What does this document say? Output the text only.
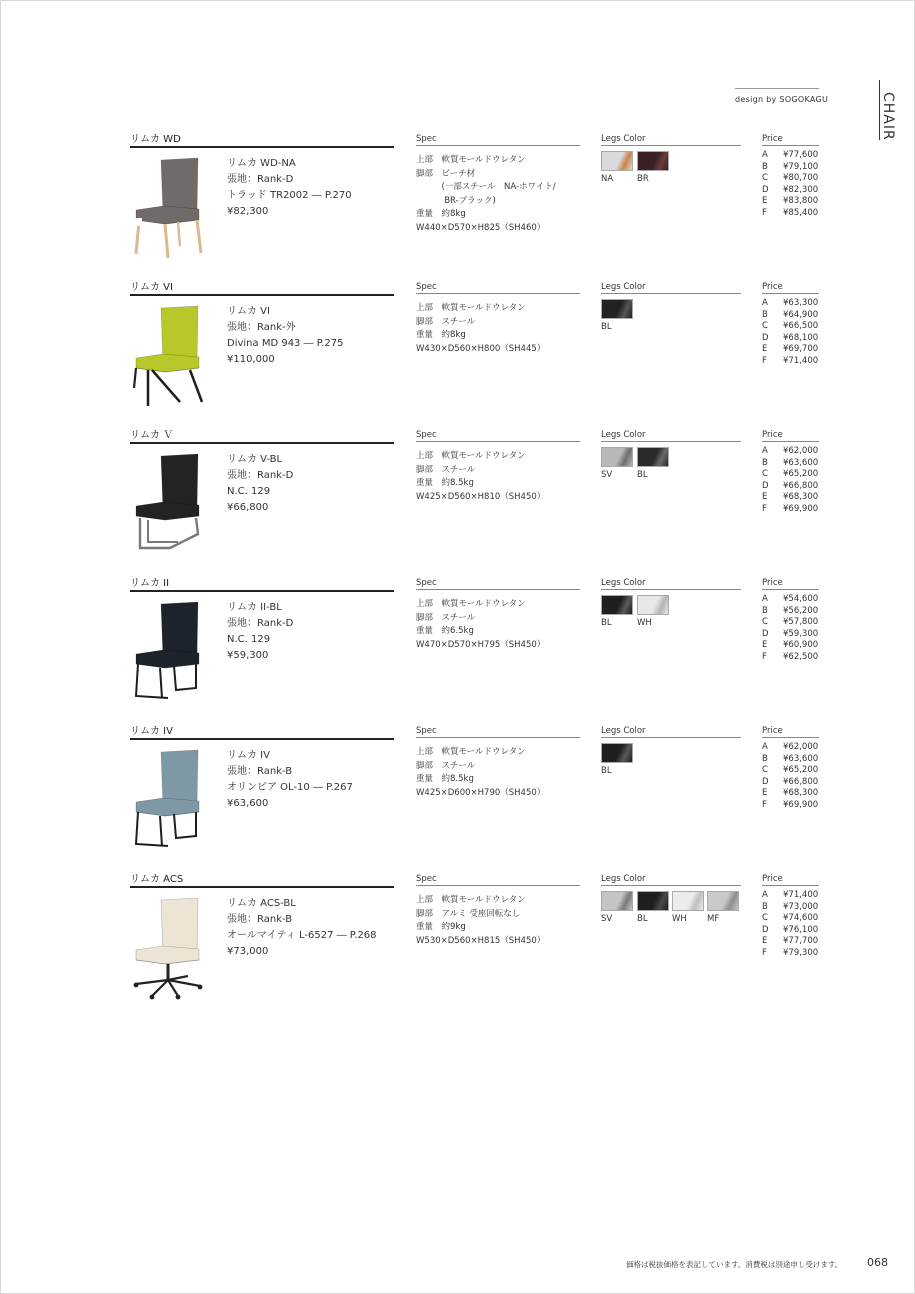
design by SOGOKAGU	CHAIR
リムカ WD
リムカ WD-NA
張地：Rank-D
トラッド TR2002 ― P.270
¥82,300
Spec	Legs Color	Price
上部　軟質モールドウレタン
脚部　ビーチ材
　　　(一部スチール　NA-ホワイト/
　　　 BR-ブラック)
重量　約8kg
W440×D570×H825（SH460）
NA	BR
A ¥77,600
B ¥79,100
C ¥80,700
D ¥82,300
E ¥83,800
F ¥85,400
リムカ VI
リムカ VI
張地：Rank-外
Divina MD 943 ― P.275
¥110,000
Spec	Legs Color	Price
上部　軟質モールドウレタン
脚部　スチール
重量　約8kg
W430×D560×H800（SH445）
BL
A ¥63,300
B ¥64,900
C ¥66,500
D ¥68,100
E ¥69,700
F ¥71,400
リムカ Ｖ
リムカ V-BL
張地：Rank-D
N.C. 129
¥66,800
Spec	Legs Color	Price
上部　軟質モールドウレタン
脚部　スチール
重量　約8.5kg
W425×D560×H810（SH450）
SV	BL
A ¥62,000
B ¥63,600
C ¥65,200
D ¥66,800
E ¥68,300
F ¥69,900
リムカ II
リムカ II-BL
張地：Rank-D
N.C. 129
¥59,300
Spec	Legs Color	Price
上部　軟質モールドウレタン
脚部　スチール
重量　約6.5kg
W470×D570×H795（SH450）
BL	WH
A ¥54,600
B ¥56,200
C ¥57,800
D ¥59,300
E ¥60,900
F ¥62,500
リムカ IV
リムカ IV
張地：Rank-B
オリンピア OL-10 ― P.267
¥63,600
Spec	Legs Color	Price
上部　軟質モールドウレタン
脚部　スチール
重量　約8.5kg
W425×D600×H790（SH450）
BL
A ¥62,000
B ¥63,600
C ¥65,200
D ¥66,800
E ¥68,300
F ¥69,900
リムカ ACS
リムカ ACS-BL
張地：Rank-B
オールマイティ L-6527 ― P.268
¥73,000
Spec	Legs Color	Price
上部　軟質モールドウレタン
脚部　アルミ 受座回転なし
重量　約9kg
W530×D560×H815（SH450）
SV	BL	WH MF
A ¥71,400
B ¥73,000
C ¥74,600
D ¥76,100
E ¥77,700
F ¥79,300
価格は税抜価格を表記しています。消費税は別途申し受けます。 068
